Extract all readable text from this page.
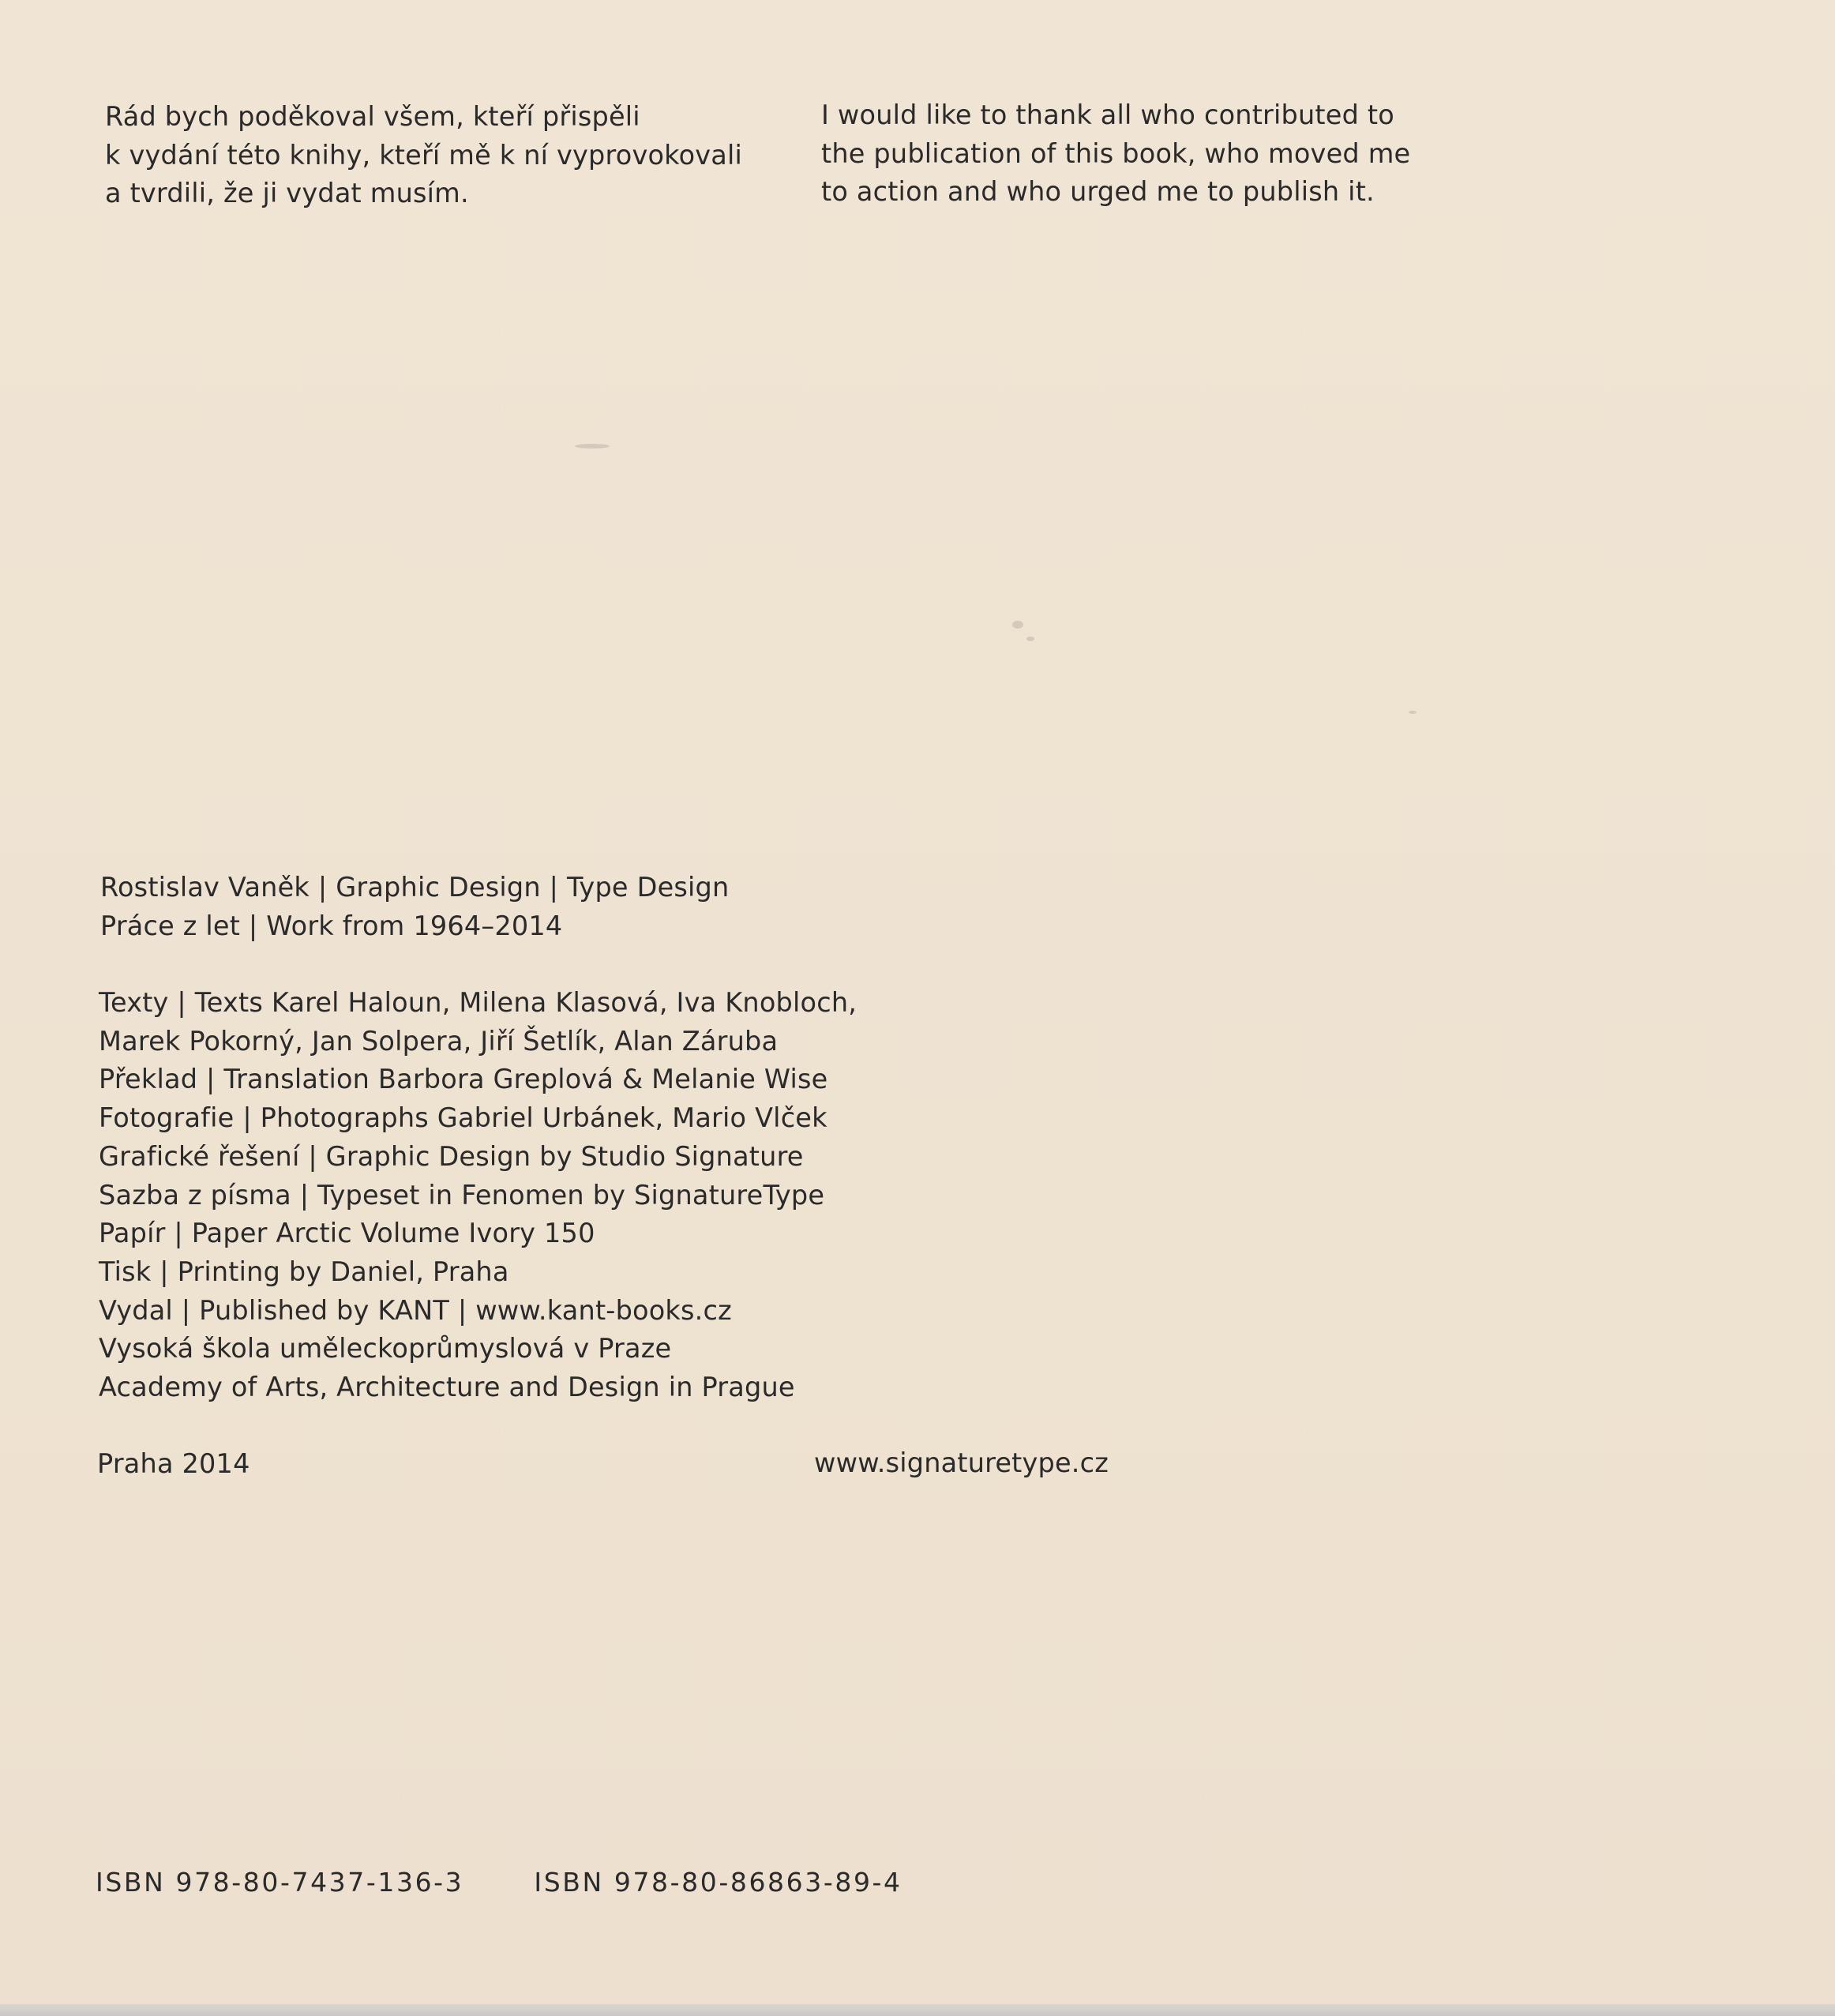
Rád bych poděkoval všem, kteří přispěli
k vydání této knihy, kteří mě k ní vyprovokovali
a tvrdili, že ji vydat musím.
I would like to thank all who contributed to
the publication of this book, who moved me
to action and who urged me to publish it.
Rostislav Vaněk | Graphic Design | Type Design
Práce z let | Work from 1964–2014
Texty | Texts Karel Haloun, Milena Klasová, Iva Knobloch,
Marek Pokorný, Jan Solpera, Jiří Šetlík, Alan Záruba
Překlad | Translation Barbora Greplová & Melanie Wise
Fotografie | Photographs Gabriel Urbánek, Mario Vlček
Grafické řešení | Graphic Design by Studio Signature
Sazba z písma | Typeset in Fenomen by SignatureType
Papír | Paper Arctic Volume Ivory 150
Tisk | Printing by Daniel, Praha
Vydal | Published by KANT | www.kant-books.cz
Vysoká škola uměleckoprůmyslová v Praze
Academy of Arts, Architecture and Design in Prague
Praha 2014	www.signaturetype.cz
ISBN 978-80-7437-136-3	ISBN 978-80-86863-89-4
